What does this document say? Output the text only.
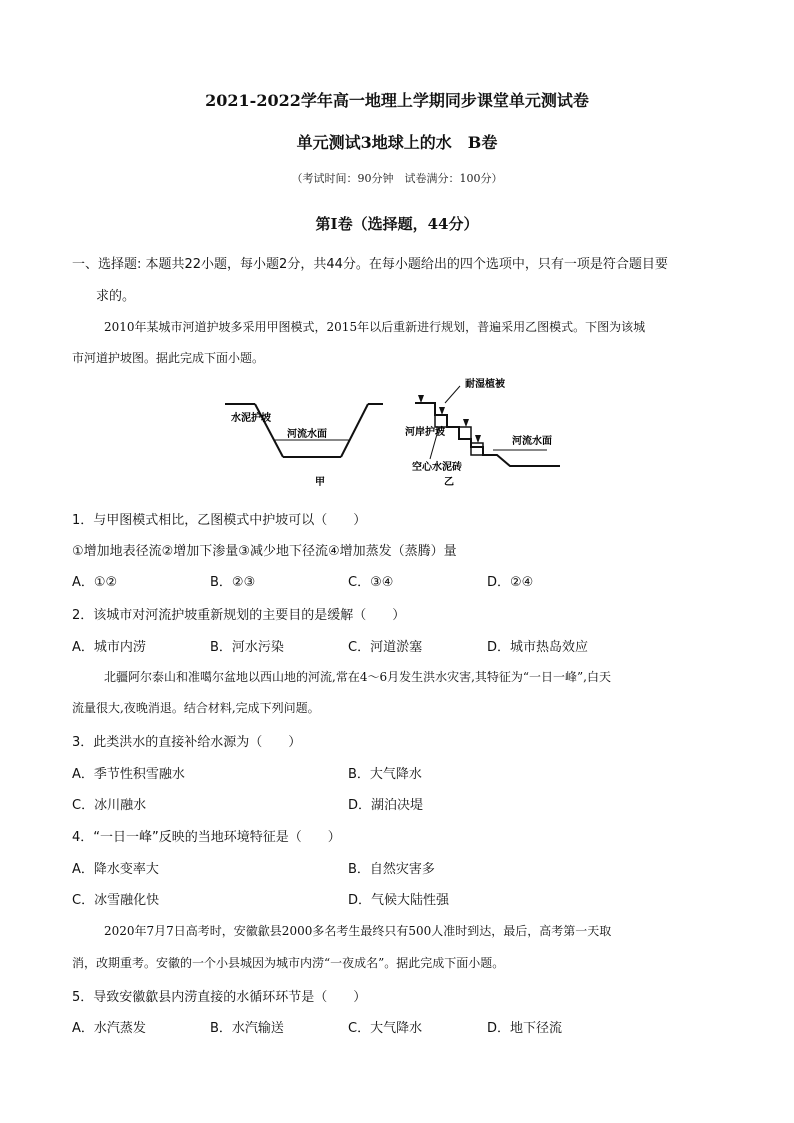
2021-2022学年高一地理上学期同步课堂单元测试卷
单元测试3地球上的水　B卷
（考试时间：90分钟　试卷满分：100分）
第Ⅰ卷（选择题，44分）
一、选择题: 本题共22小题，每小题2分，共44分。在每小题给出的四个选项中，只有一项是符合题目要
求的。
2010年某城市河道护坡多采用甲图模式，2015年以后重新进行规划，普遍采用乙图模式。下图为该城
市河道护坡图。据此完成下面小题。
水泥护坡
河流水面
甲
耐湿植被
河岸护坡
河流水面
空心水泥砖
乙
1．与甲图模式相比，乙图模式中护坡可以（　　）
①增加地表径流②增加下渗量③减少地下径流④增加蒸发（蒸腾）量
A．①②	B．②③	C．③④	D．②④
2．该城市对河流护坡重新规划的主要目的是缓解（　　）
A．城市内涝	B．河水污染	C．河道淤塞	D．城市热岛效应
北疆阿尔泰山和准噶尔盆地以西山地的河流,常在4～6月发生洪水灾害,其特征为“一日一峰”,白天
流量很大,夜晚消退。结合材料,完成下列问题。
3．此类洪水的直接补给水源为（　　）
A．季节性积雪融水	B．大气降水
C．冰川融水	D．湖泊决堤
4．“一日一峰”反映的当地环境特征是（　　）
A．降水变率大	B．自然灾害多
C．冰雪融化快	D．气候大陆性强
2020年7月7日高考时，安徽歙县2000多名考生最终只有500人准时到达，最后，高考第一天取
消，改期重考。安徽的一个小县城因为城市内涝“一夜成名”。据此完成下面小题。
5．导致安徽歙县内涝直接的水循环环节是（　　）
A．水汽蒸发	B．水汽输送	C．大气降水	D．地下径流
